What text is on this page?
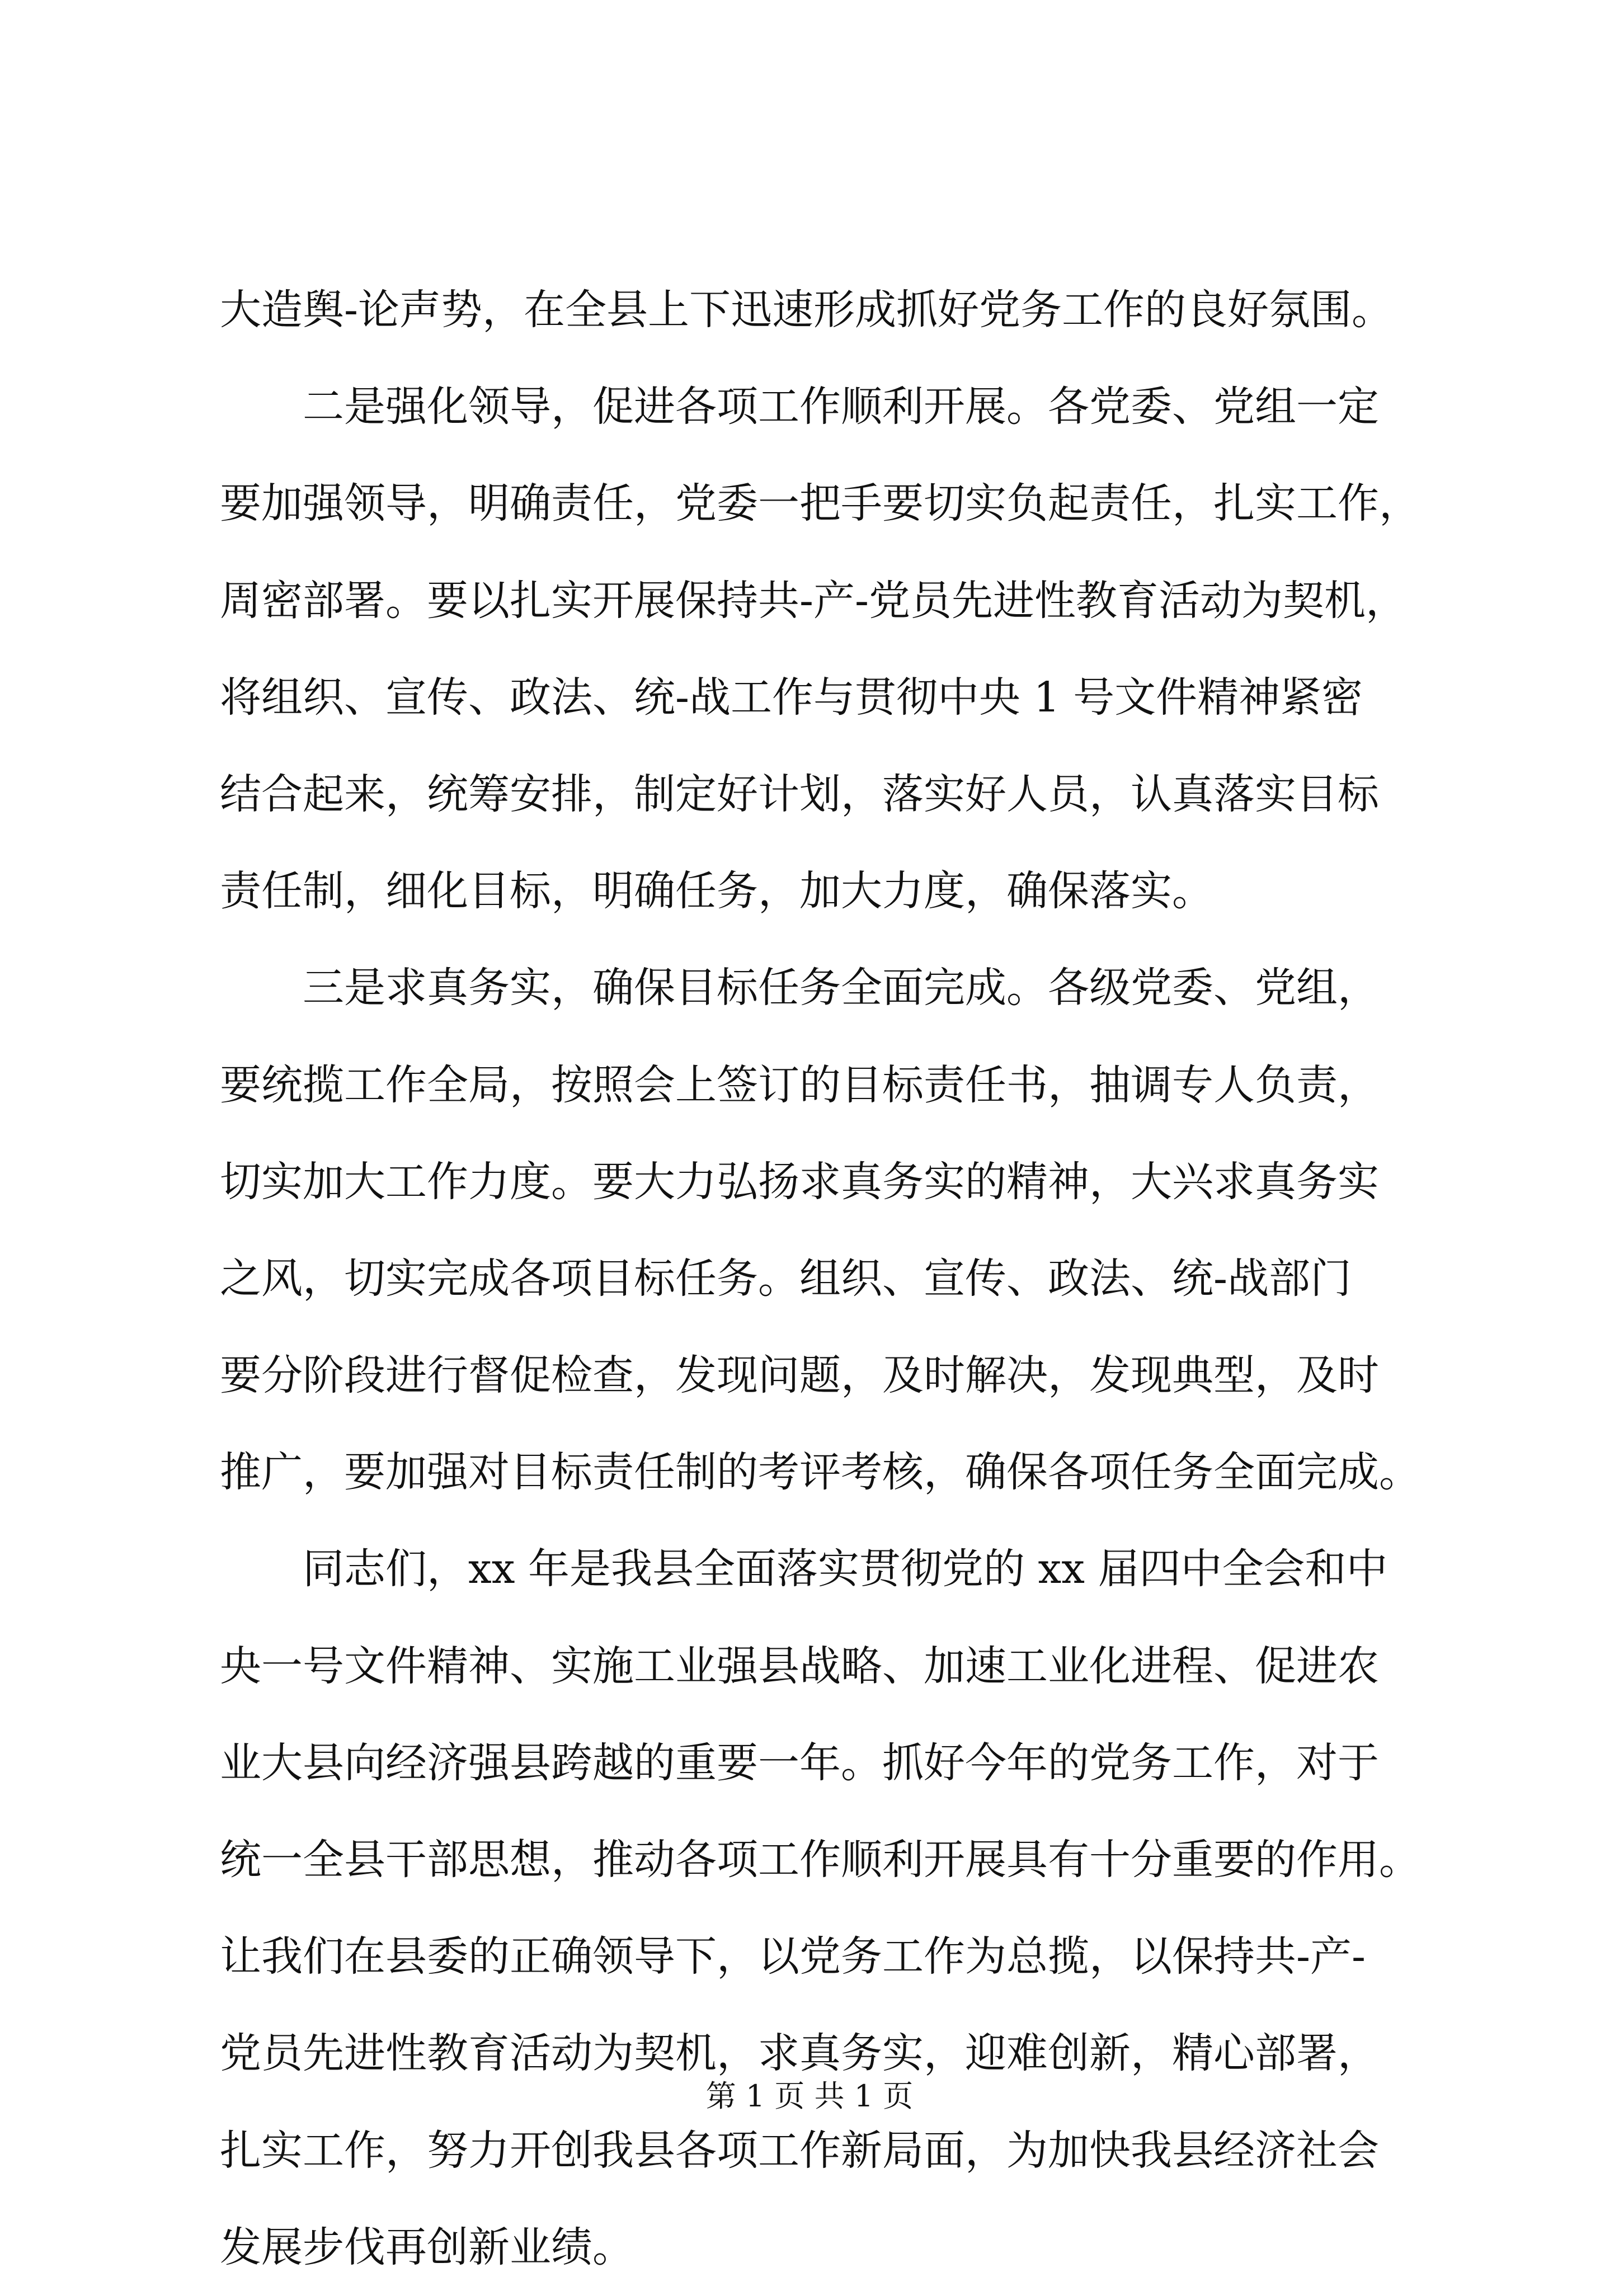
大造舆-论声势，在全县上下迅速形成抓好党务工作的良好氛围。
二是强化领导，促进各项工作顺利开展。各党委、党组一定
要加强领导，明确责任，党委一把手要切实负起责任，扎实工作，
周密部署。要以扎实开展保持共-产-党员先进性教育活动为契机，
将组织、宣传、政法、统-战工作与贯彻中央 1 号文件精神紧密
结合起来，统筹安排，制定好计划，落实好人员，认真落实目标
责任制，细化目标，明确任务，加大力度，确保落实。
三是求真务实，确保目标任务全面完成。各级党委、党组，
要统揽工作全局，按照会上签订的目标责任书，抽调专人负责，
切实加大工作力度。要大力弘扬求真务实的精神，大兴求真务实
之风，切实完成各项目标任务。组织、宣传、政法、统-战部门
要分阶段进行督促检查，发现问题，及时解决，发现典型，及时
推广，要加强对目标责任制的考评考核，确保各项任务全面完成。
同志们，xx 年是我县全面落实贯彻党的 xx 届四中全会和中
央一号文件精神、实施工业强县战略、加速工业化进程、促进农
业大县向经济强县跨越的重要一年。抓好今年的党务工作，对于
统一全县干部思想，推动各项工作顺利开展具有十分重要的作用。
让我们在县委的正确领导下，以党务工作为总揽，以保持共-产-
党员先进性教育活动为契机，求真务实，迎难创新，精心部署，
扎实工作，努力开创我县各项工作新局面，为加快我县经济社会
发展步伐再创新业绩。
第 1 页 共 1 页
